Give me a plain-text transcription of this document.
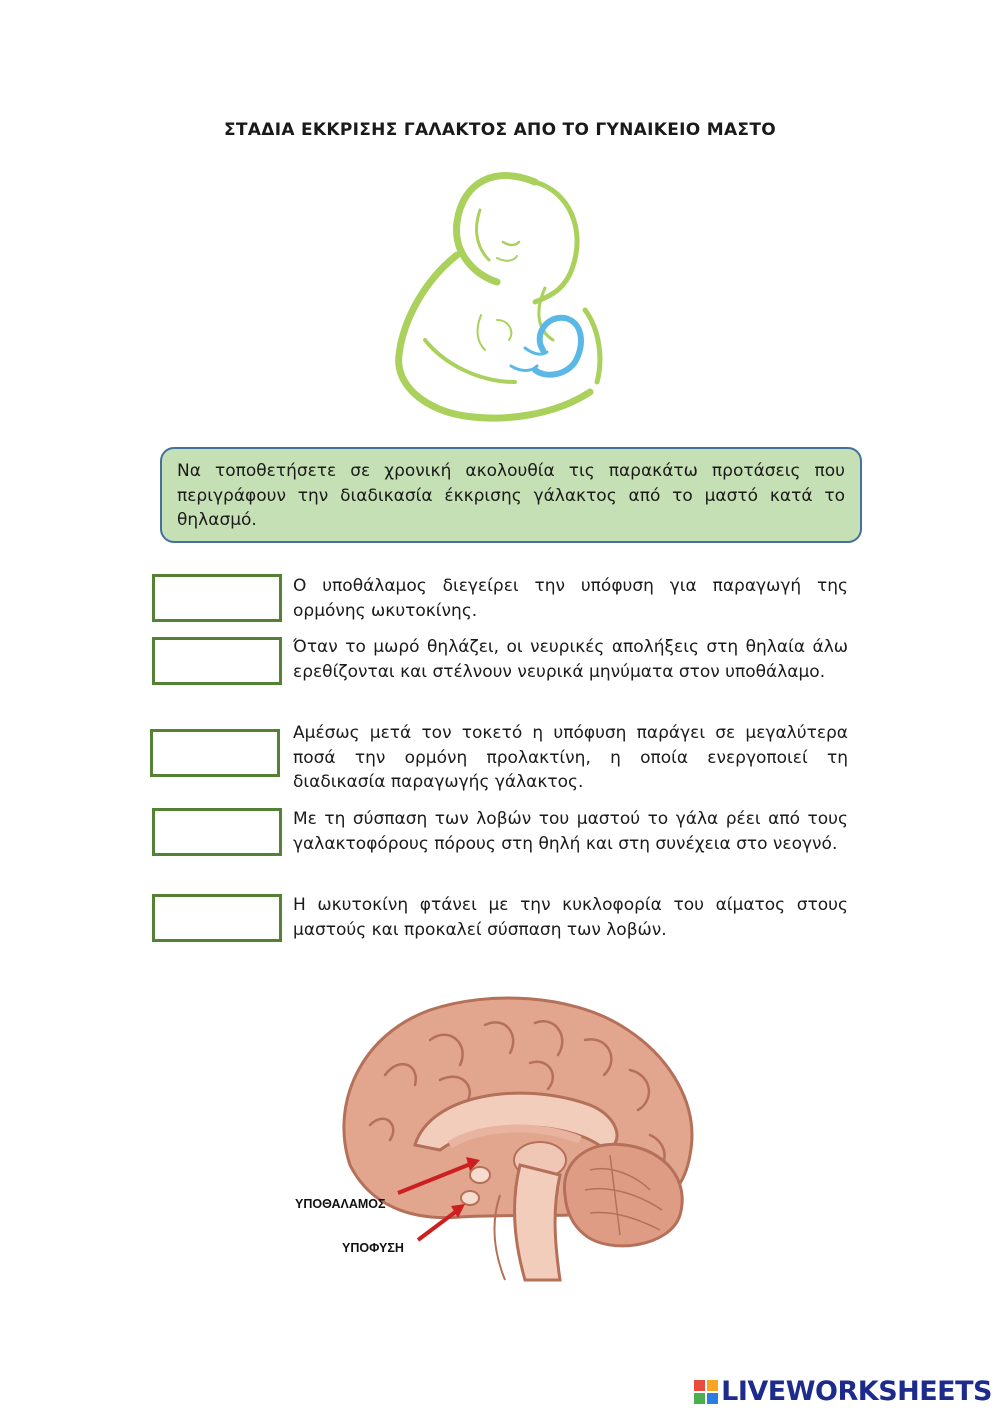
ΣΤΑΔΙΑ ΕΚΚΡΙΣΗΣ ΓΑΛΑΚΤΟΣ ΑΠΟ ΤΟ ΓΥΝΑΙΚΕΙΟ ΜΑΣΤΟ
Να τοποθετήσετε σε χρονική ακολουθία τις παρακάτω προτάσεις που περιγράφουν την διαδικασία έκκρισης γάλακτος από το μαστό κατά το θηλασμό.
Ο υποθάλαμος διεγείρει την υπόφυση για παραγωγή της ορμόνης ωκυτοκίνης.
Όταν το μωρό θηλάζει, οι νευρικές απολήξεις στη θηλαία άλω ερεθίζονται και στέλνουν νευρικά μηνύματα στον υποθάλαμο.
Αμέσως μετά τον τοκετό η υπόφυση παράγει σε μεγαλύτερα ποσά την ορμόνη προλακτίνη, η οποία ενεργοποιεί τη διαδικασία παραγωγής γάλακτος.
Με τη σύσπαση των λοβών του μαστού το γάλα ρέει από τους γαλακτοφόρους πόρους στη θηλή και στη συνέχεια στο νεογνό.
Η ωκυτοκίνη φτάνει με την κυκλοφορία του αίματος στους μαστούς και προκαλεί σύσπαση των λοβών.
ΥΠΟΘΑΛΑΜΟΣ
ΥΠΟΦΥΣΗ
LIVEWORKSHEETS
